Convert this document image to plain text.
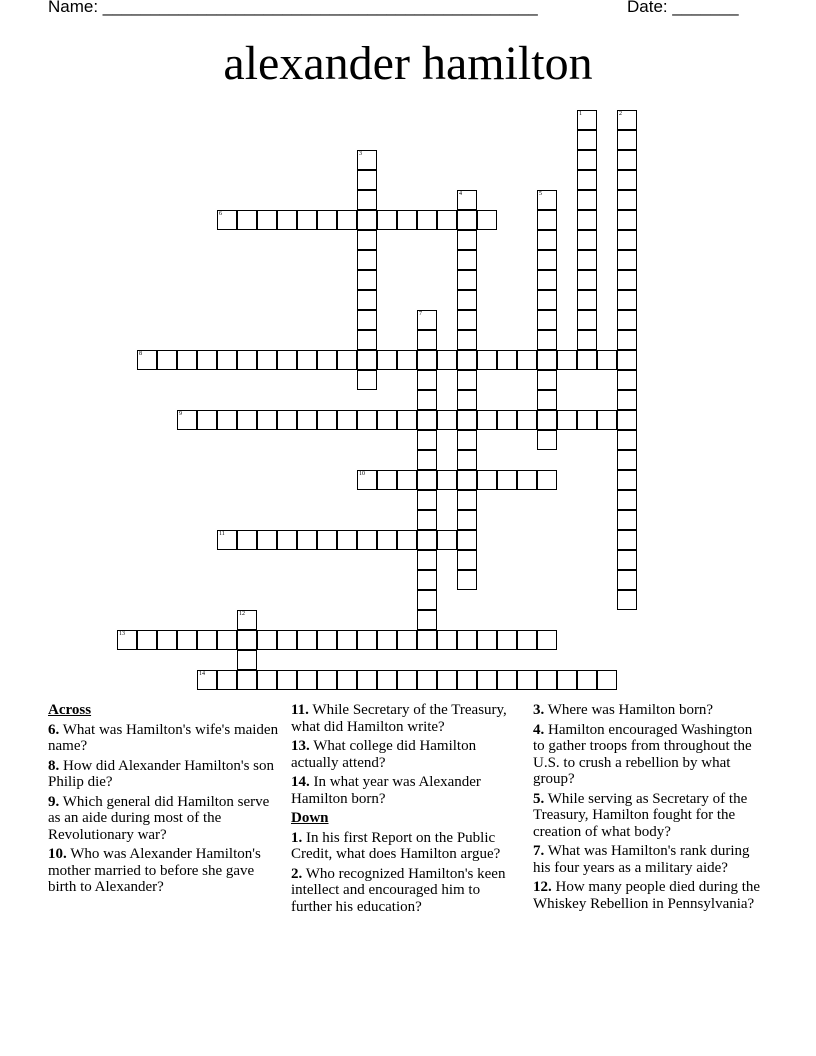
Name: ______________________________________________	Date: _______
alexander hamilton
1	2
3
4	5
6
7
8
9
10
11
12
13
14
Across
6. What was Hamilton's wife's maiden name?
8. How did Alexander Hamilton's son Philip die?
9. Which general did Hamilton serve as an aide during most of the Revolutionary war?
10. Who was Alexander Hamilton's mother married to before she gave birth to Alexander?
11. While Secretary of the Treasury, what did Hamilton write?
13. What college did Hamilton actually attend?
14. In what year was Alexander Hamilton born?
Down
1. In his first Report on the Public Credit, what does Hamilton argue?
2. Who recognized Hamilton's keen intellect and encouraged him to further his education?
3. Where was Hamilton born?
4. Hamilton encouraged Washington to gather troops from throughout the U.S. to crush a rebellion by what group?
5. While serving as Secretary of the Treasury, Hamilton fought for the creation of what body?
7. What was Hamilton's rank during his four years as a military aide?
12. How many people died during the Whiskey Rebellion in Pennsylvania?
